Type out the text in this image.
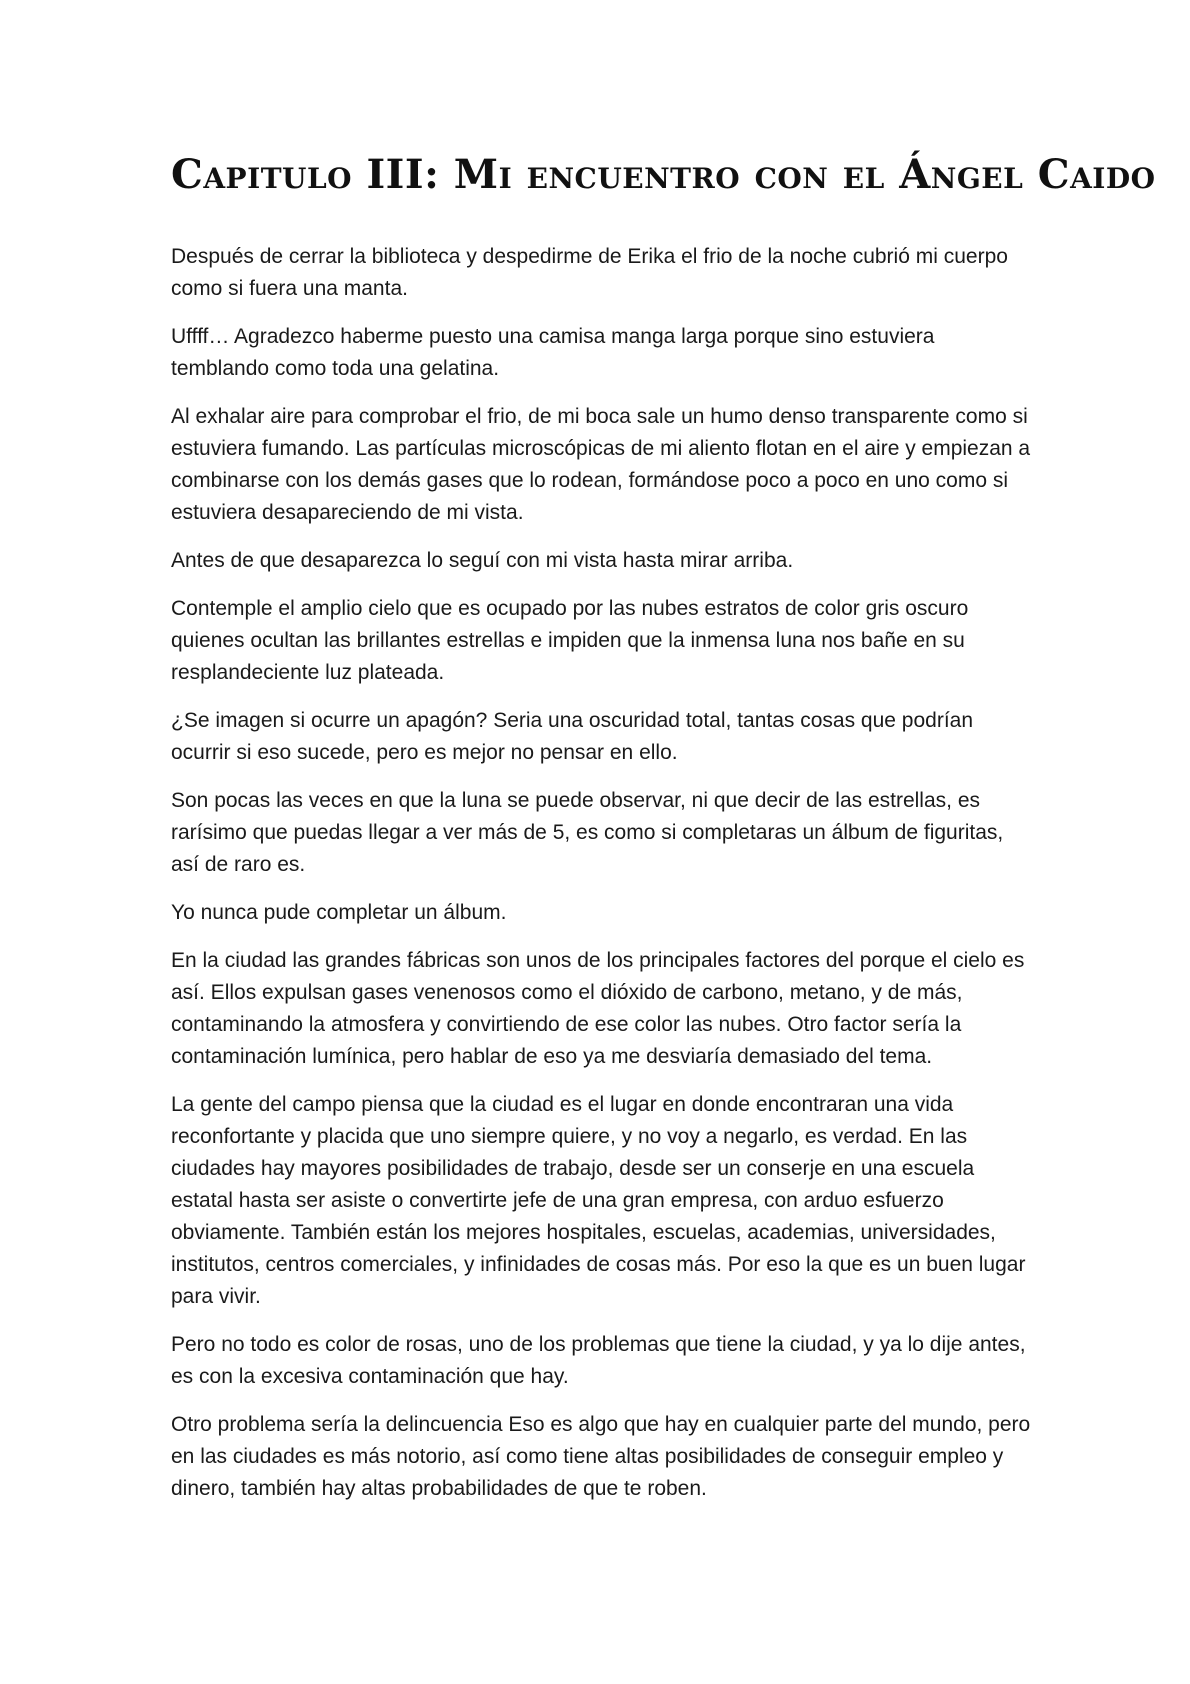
Capitulo III: Mi encuentro con el Ángel Caido

Después de cerrar la biblioteca y despedirme de Erika el frio de la noche cubrió mi cuerpo como si fuera una manta.

Uffff… Agradezco haberme puesto una camisa manga larga porque sino estuviera temblando como toda una gelatina.

Al exhalar aire para comprobar el frio, de mi boca sale un humo denso transparente como si estuviera fumando. Las partículas microscópicas de mi aliento flotan en el aire y empiezan a combinarse con los demás gases que lo rodean, formándose poco a poco en uno como si estuviera desapareciendo de mi vista.

Antes de que desaparezca lo seguí con mi vista hasta mirar arriba.

Contemple el amplio cielo que es ocupado por las nubes estratos de color gris oscuro quienes ocultan las brillantes estrellas e impiden que la inmensa luna nos bañe en su resplandeciente luz plateada.

¿Se imagen si ocurre un apagón? Seria una oscuridad total, tantas cosas que podrían ocurrir si eso sucede, pero es mejor no pensar en ello.

Son pocas las veces en que la luna se puede observar, ni que decir de las estrellas, es rarísimo que puedas llegar a ver más de 5, es como si completaras un álbum de figuritas, así de raro es.

Yo nunca pude completar un álbum.

En la ciudad las grandes fábricas son unos de los principales factores del porque el cielo es así. Ellos expulsan gases venenosos como el dióxido de carbono, metano, y de más, contaminando la atmosfera y convirtiendo de ese color las nubes. Otro factor sería la contaminación lumínica, pero hablar de eso ya me desviaría demasiado del tema.

La gente del campo piensa que la ciudad es el lugar en donde encontraran una vida reconfortante y placida que uno siempre quiere, y no voy a negarlo, es verdad. En las ciudades hay mayores posibilidades de trabajo, desde ser un conserje en una escuela estatal hasta ser asiste o convertirte jefe de una gran empresa, con arduo esfuerzo obviamente. También están los mejores hospitales, escuelas, academias, universidades, institutos, centros comerciales, y infinidades de cosas más. Por eso la que es un buen lugar para vivir.

Pero no todo es color de rosas, uno de los problemas que tiene la ciudad, y ya lo dije antes, es con la excesiva contaminación que hay.

Otro problema sería la delincuencia Eso es algo que hay en cualquier parte del mundo, pero en las ciudades es más notorio, así como tiene altas posibilidades de conseguir empleo y dinero, también hay altas probabilidades de que te roben.
